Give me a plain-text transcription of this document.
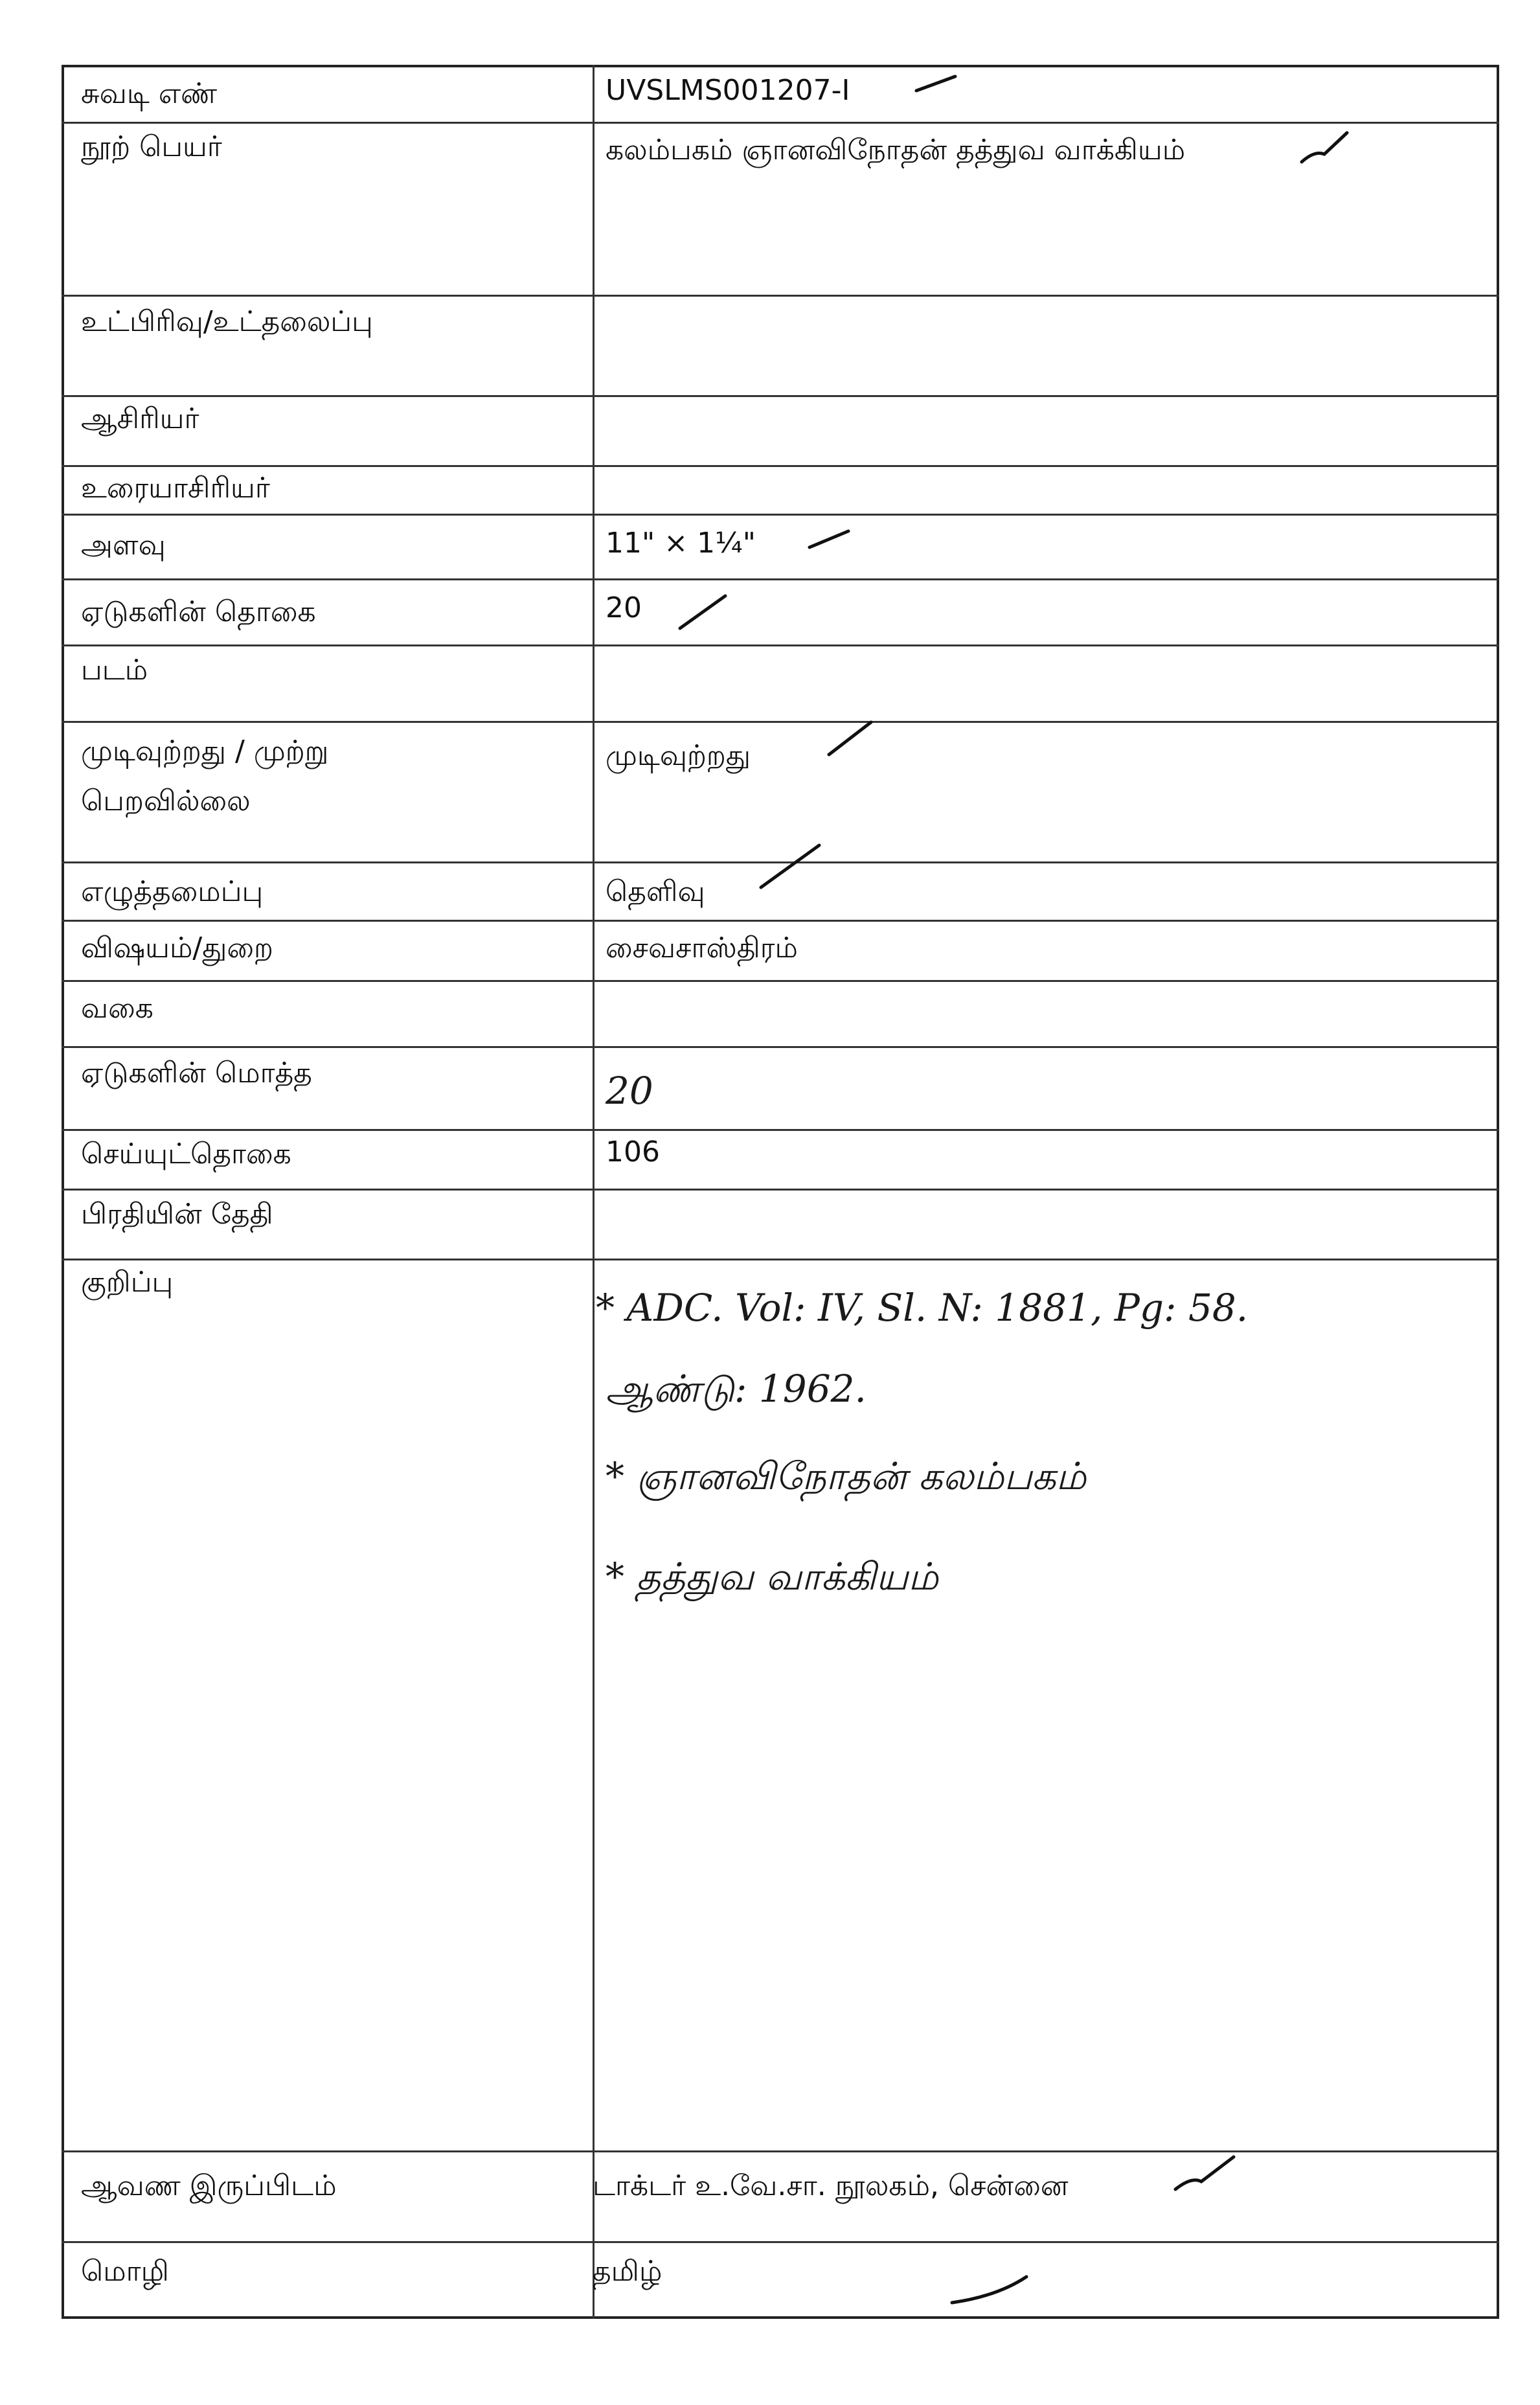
சுவடி எண்
நூற் பெயர்
உட்பிரிவு/உட்தலைப்பு
ஆசிரியர்
உரையாசிரியர்
அளவு
ஏடுகளின் தொகை
படம்
முடிவுற்றது / முற்று
பெறவில்லை
எழுத்தமைப்பு
விஷயம்/துறை
வகை
ஏடுகளின் மொத்த
செய்யுட்தொகை
பிரதியின் தேதி
குறிப்பு
ஆவண இருப்பிடம்
மொழி
UVSLMS001207-I
கலம்பகம் ஞானவிநோதன் தத்துவ வாக்கியம்
11" × 1¼"
20
முடிவுற்றது
தெளிவு
சைவசாஸ்திரம்
20
106
டாக்டர் உ.வே.சா. நூலகம், சென்னை
தமிழ்
* ADC. Vol: IV, Sl. N: 1881, Pg: 58.
ஆண்டு: 1962.
* ஞானவிநோதன் கலம்பகம்
* தத்துவ வாக்கியம்
